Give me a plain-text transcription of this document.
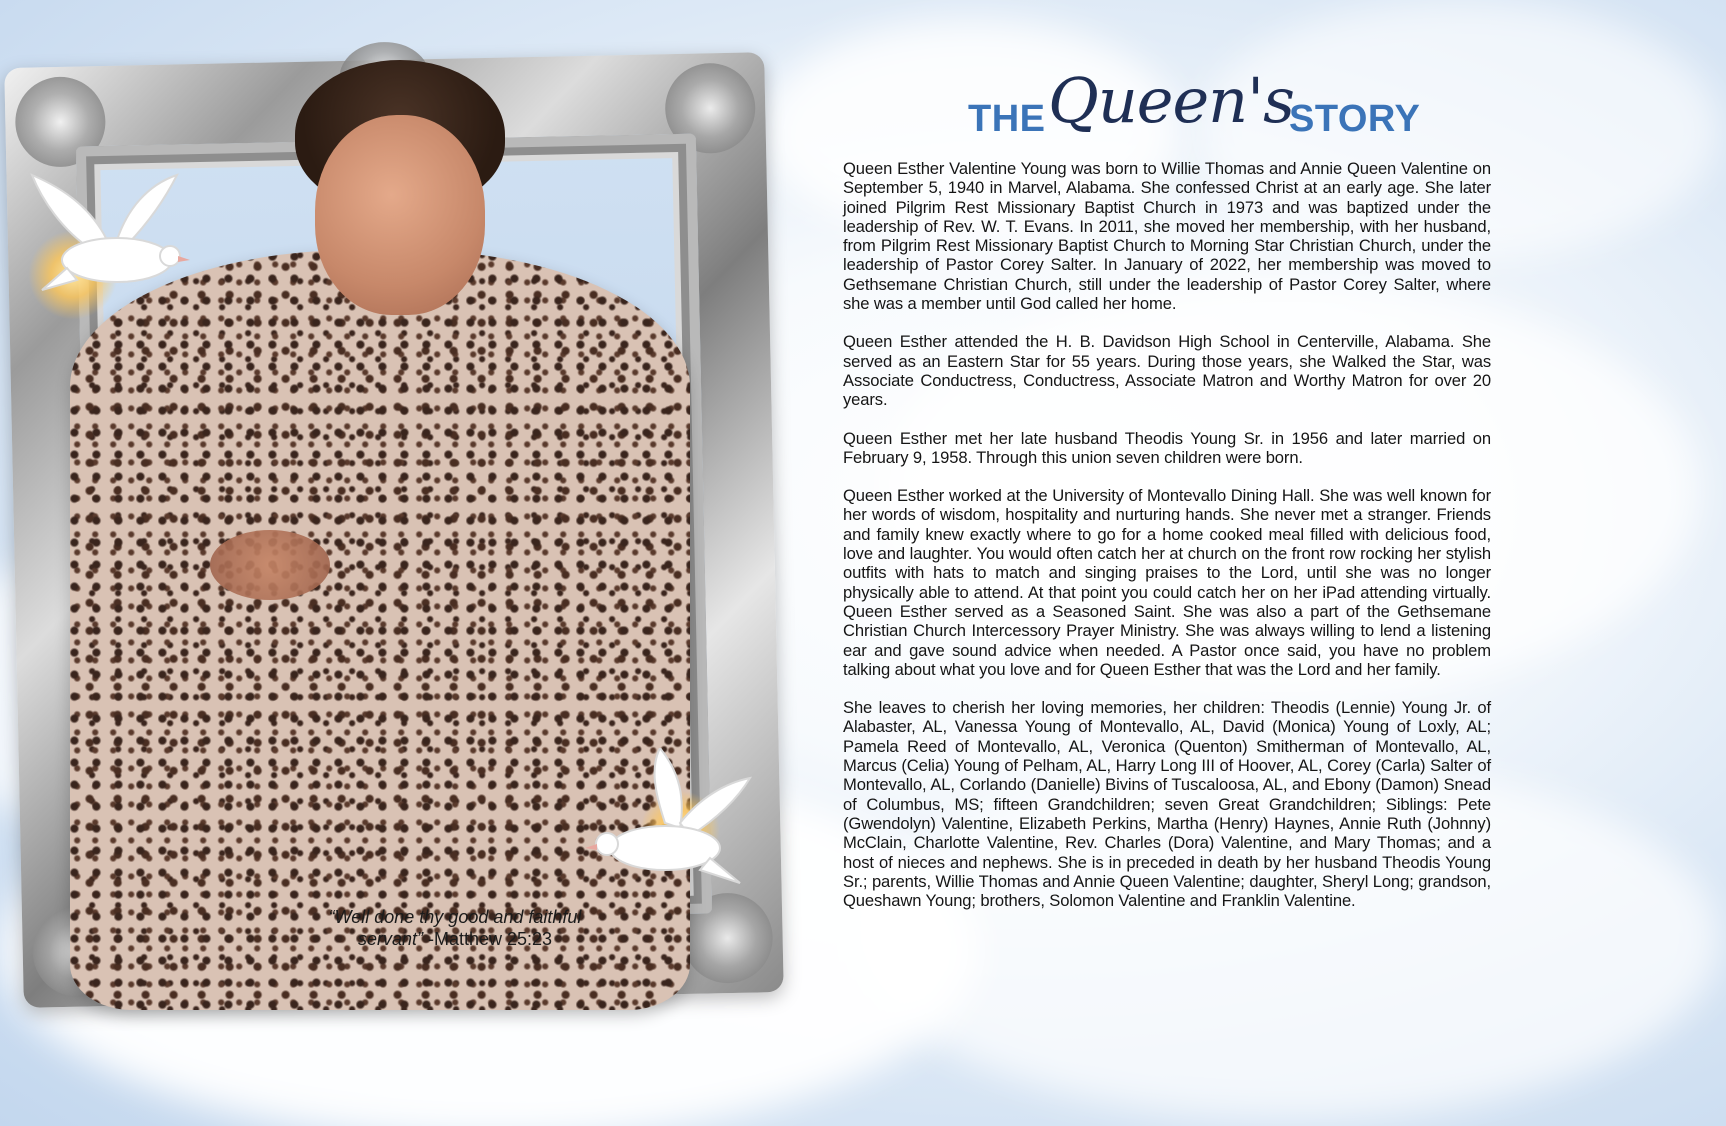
“Well done thy good and faithful servant” -Matthew 25:23
THE Queen's
STORY

Queen Esther Valentine Young was born to Willie Thomas and Annie Queen Valentine on September 5, 1940 in Marvel, Alabama. She confessed Christ at an early age. She later joined Pilgrim Rest Missionary Baptist Church in 1973 and was baptized under the leadership of Rev. W. T. Evans. In 2011, she moved her membership, with her husband, from Pilgrim Rest Missionary Baptist Church to Morning Star Christian Church, under the leadership of Pastor Corey Salter. In January of 2022, her membership was moved to Gethsemane Christian Church, still under the leadership of Pastor Corey Salter, where she was a member until God called her home.

Queen Esther attended the H. B. Davidson High School in Centerville, Alabama. She served as an Eastern Star for 55 years. During those years, she Walked the Star, was Associate Conductress, Conductress, Associate Matron and Worthy Matron for over 20 years.

Queen Esther met her late husband Theodis Young Sr. in 1956 and later married on February 9, 1958. Through this union seven children were born.

Queen Esther worked at the University of Montevallo Dining Hall. She was well known for her words of wisdom, hospitality and nurturing hands. She never met a stranger. Friends and family knew exactly where to go for a home cooked meal filled with delicious food, love and laughter. You would often catch her at church on the front row rocking her stylish outfits with hats to match and singing praises to the Lord, until she was no longer physically able to attend. At that point you could catch her on her iPad attending virtually. Queen Esther served as a Seasoned Saint. She was also a part of the Gethsemane Christian Church Intercessory Prayer Ministry. She was always willing to lend a listening ear and gave sound advice when needed. A Pastor once said, you have no problem talking about what you love and for Queen Esther that was the Lord and her family.

She leaves to cherish her loving memories, her children: Theodis (Lennie) Young Jr. of Alabaster, AL, Vanessa Young of Montevallo, AL, David (Monica) Young of Loxly, AL; Pamela Reed of Montevallo, AL, Veronica (Quenton) Smitherman of Montevallo, AL, Marcus (Celia) Young of Pelham, AL, Harry Long III of Hoover, AL, Corey (Carla) Salter of Montevallo, AL, Corlando (Danielle) Bivins of Tuscaloosa, AL, and Ebony (Damon) Snead of Columbus, MS; fifteen Grandchildren; seven Great Grandchildren; Siblings: Pete (Gwendolyn) Valentine, Elizabeth Perkins, Martha (Henry) Haynes, Annie Ruth (Johnny) McClain, Charlotte Valentine, Rev. Charles (Dora) Valentine, and Mary Thomas; and a host of nieces and nephews. She is in preceded in death by her husband Theodis Young Sr.; parents, Willie Thomas and Annie Queen Valentine; daughter, Sheryl Long; grandson, Queshawn Young; brothers, Solomon Valentine and Franklin Valentine.
